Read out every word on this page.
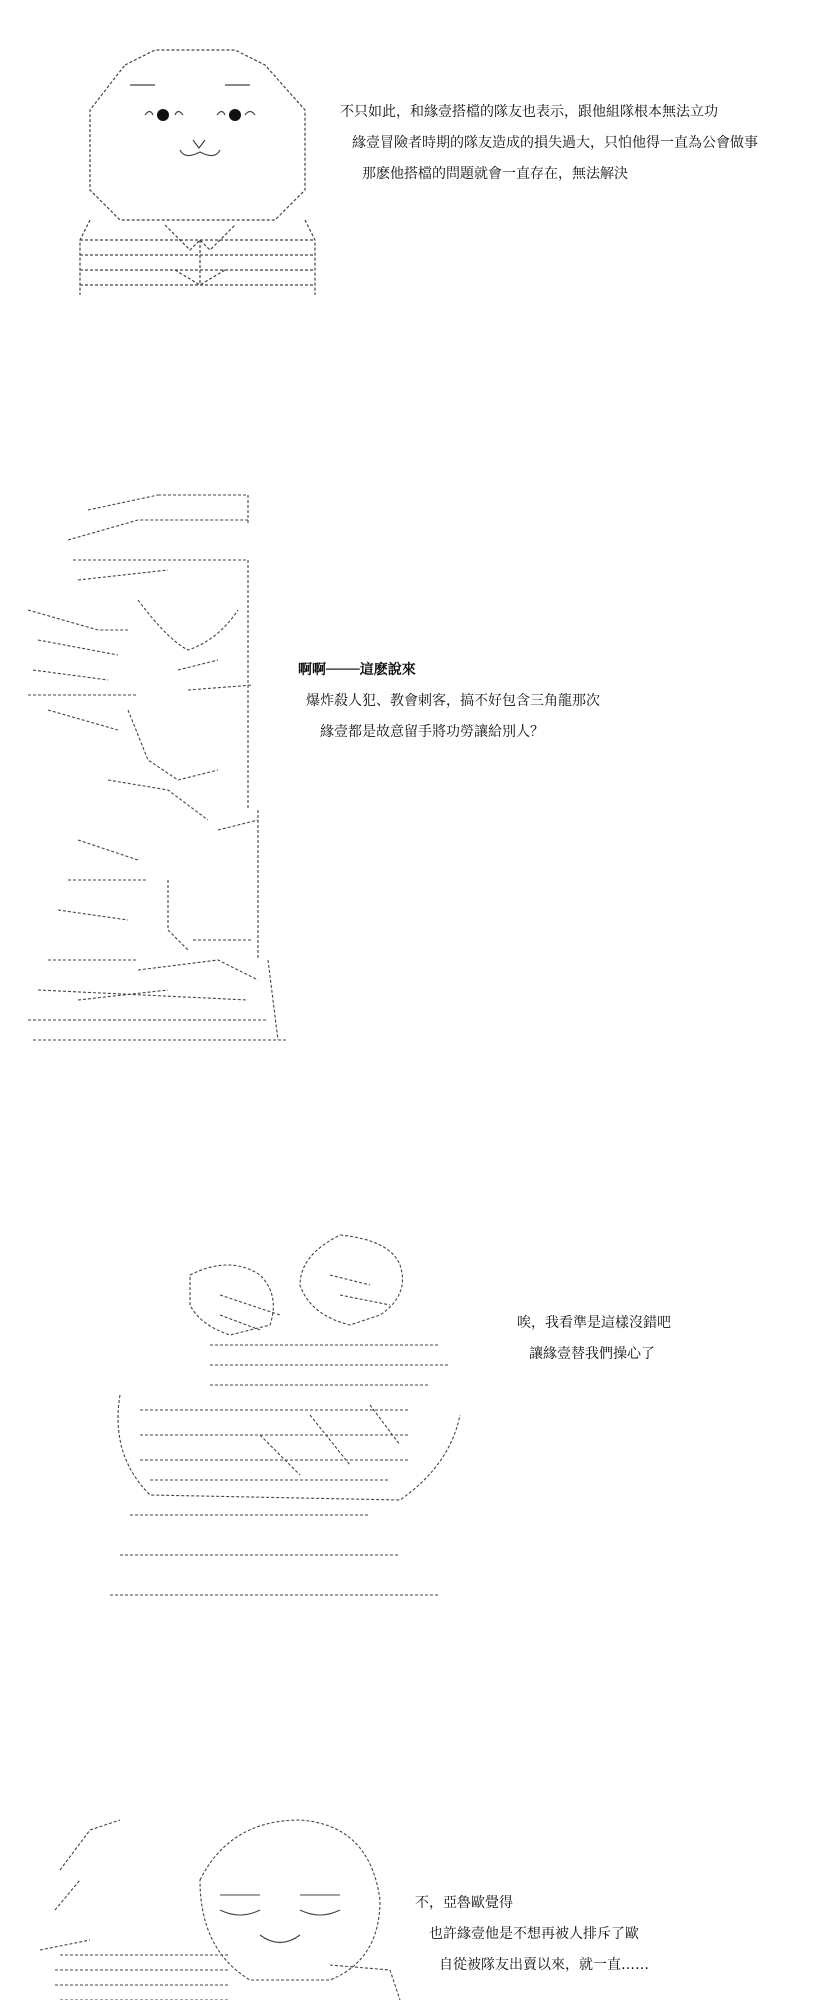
不只如此，和緣壹搭檔的隊友也表示，跟他組隊根本無法立功
緣壹冒險者時期的隊友造成的損失過大，只怕他得一直為公會做事
那麽他搭檔的問題就會一直存在，無法解決
啊啊────這麽說來
爆炸殺人犯、教會刺客，搞不好包含三角龍那次
緣壹都是故意留手將功勞讓給別人？
唉，我看準是這樣沒錯吧
讓緣壹替我們操心了
不，亞魯歐覺得
也許緣壹他是不想再被人排斥了歐
自從被隊友出賣以來，就一直……
